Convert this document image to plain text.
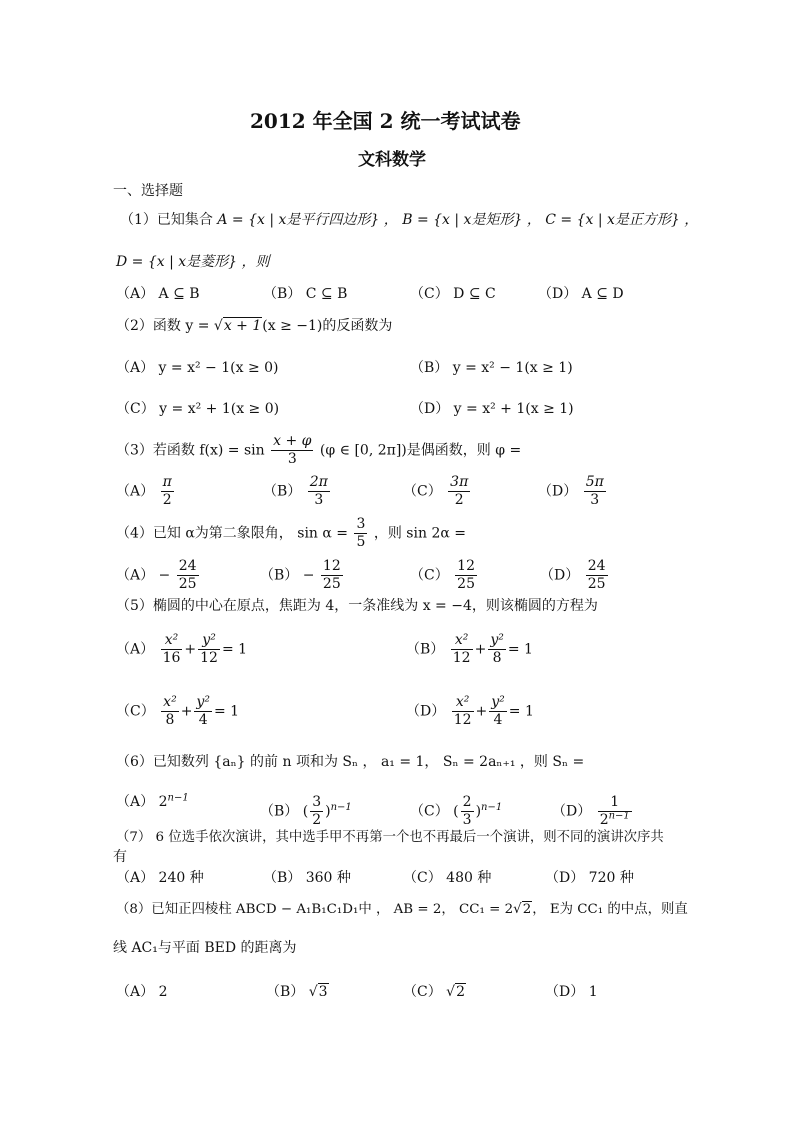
2012 年全国 2 统一考试试卷
文科数学
一、选择题
（1）已知集合 A = {x | x是平行四边形} ， B = {x | x是矩形} ， C = {x | x是正方形} ，
D = {x | x是菱形} ，则
（A） A ⊆ B	（B） C ⊆ B	（C） D ⊆ C	（D） A ⊆ D
（2）函数 y = √x + 1(x ≥ −1)的反函数为
（A） y = x² − 1(x ≥ 0)	（B） y = x² − 1(x ≥ 1)
（C） y = x² + 1(x ≥ 0)	（D） y = x² + 1(x ≥ 1)
（3）若函数 $f(x) = \sin \frac{x + \varphi}{3} (\varphi$ ∈ [0, 2π])是偶函数，则 φ =
$(A) \frac{\pi}{2}$	$(B) \frac{2\pi}{3}$	$(C) \frac{3\pi}{2}$	$(D) \frac{5\pi}{3}$
（4）已知 α为第二象限角， $\sin \alpha = \frac{3}{5}$ ，则 sin 2α =
$(A) - \frac{24}{25}$	$(B) - \frac{12}{25}$	$(C) \frac{12}{25}$	$(D) \frac{24}{25}$
（5）椭圆的中心在原点，焦距为 4，一条准线为 x = −4，则该椭圆的方程为
$(A) \frac{\text{x²}}{16} + \frac{\text{y²}}{12} = 1$	$(B) \frac{\text{x²}}{12} + \frac{\text{y²}}{8} = 1$
$(C) \frac{\text{x²}}{8} + \frac{\text{y²}}{4} = 1$	$(D) \frac{\text{x²}}{12} + \frac{\text{y²}}{4} = 1$
（6）已知数列 {aₙ} 的前 n 项和为 Sₙ ， a₁ = 1， Sₙ = 2aₙ₊₁ ，则 Sₙ =
（A） $2^{n-1}$
（B） ( $\frac{3}{2} )^{n-1}$	（C） ( $\frac{2}{3} )^{n-1}$	$(D) \frac{1}{2^{n-1}}$
（7） 6 位选手依次演讲，其中选手甲不再第一个也不再最后一个演讲，则不同的演讲次序共
有
（A） 240 种	（B） 360 种	（C） 480 种	（D） 720 种
（8）已知正四棱柱 ABCD − A₁B₁C₁D₁中 ， AB = 2， CC₁ = 2√2， E为 CC₁ 的中点，则直
线 AC₁与平面 BED 的距离为
（A） 2	（B） √3	（C） √2	（D） 1
